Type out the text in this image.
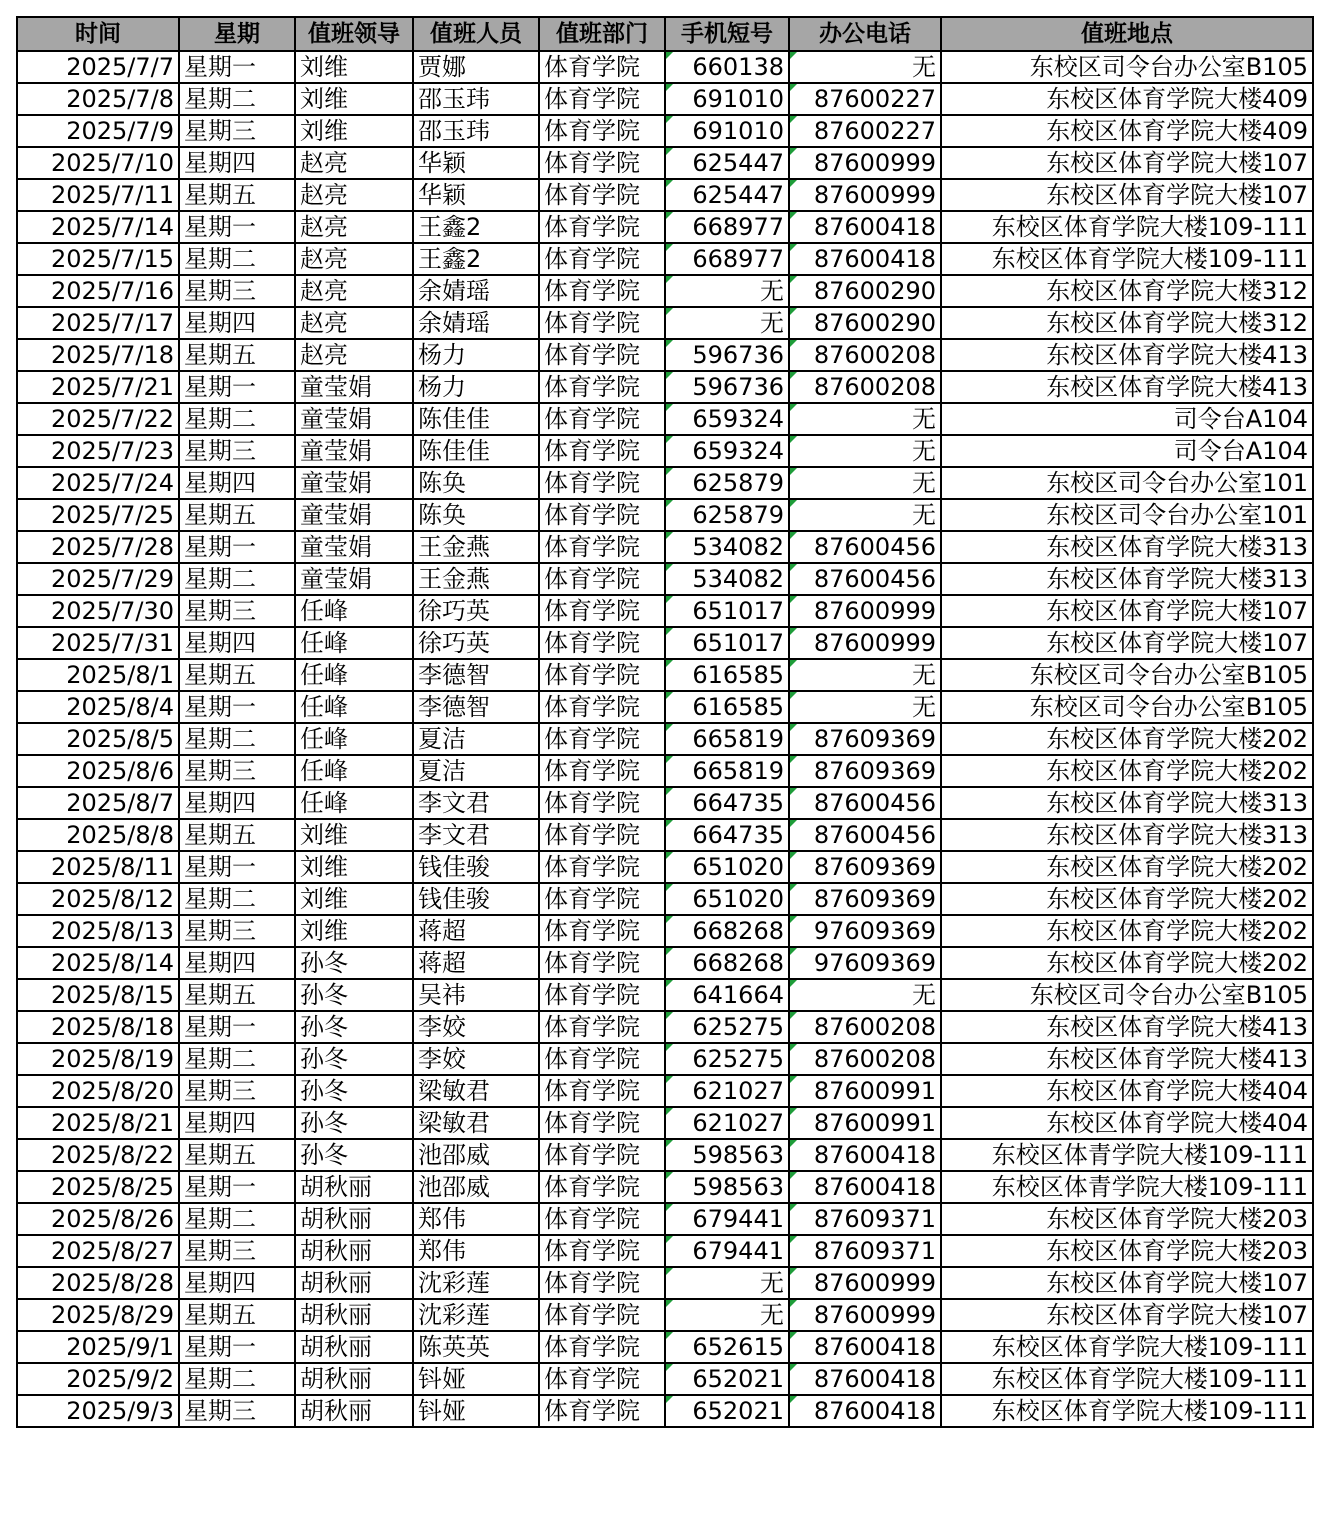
时间	星期	值班领导	值班人员	值班部门	手机短号	办公电话	值班地点
2025/7/7	星期一	刘维	贾娜	体育学院	660138	无	东校区司令台办公室B105
2025/7/8	星期二	刘维	邵玉玮	体育学院	691010	87600227	东校区体育学院大楼409
2025/7/9	星期三	刘维	邵玉玮	体育学院	691010	87600227	东校区体育学院大楼409
2025/7/10	星期四	赵亮	华颖	体育学院	625447	87600999	东校区体育学院大楼107
2025/7/11	星期五	赵亮	华颖	体育学院	625447	87600999	东校区体育学院大楼107
2025/7/14	星期一	赵亮	王鑫2	体育学院	668977	87600418	东校区体育学院大楼109-111
2025/7/15	星期二	赵亮	王鑫2	体育学院	668977	87600418	东校区体育学院大楼109-111
2025/7/16	星期三	赵亮	余婧瑶	体育学院	无	87600290	东校区体育学院大楼312
2025/7/17	星期四	赵亮	余婧瑶	体育学院	无	87600290	东校区体育学院大楼312
2025/7/18	星期五	赵亮	杨力	体育学院	596736	87600208	东校区体育学院大楼413
2025/7/21	星期一	童莹娟	杨力	体育学院	596736	87600208	东校区体育学院大楼413
2025/7/22	星期二	童莹娟	陈佳佳	体育学院	659324	无	司令台A104
2025/7/23	星期三	童莹娟	陈佳佳	体育学院	659324	无	司令台A104
2025/7/24	星期四	童莹娟	陈奂	体育学院	625879	无	东校区司令台办公室101
2025/7/25	星期五	童莹娟	陈奂	体育学院	625879	无	东校区司令台办公室101
2025/7/28	星期一	童莹娟	王金燕	体育学院	534082	87600456	东校区体育学院大楼313
2025/7/29	星期二	童莹娟	王金燕	体育学院	534082	87600456	东校区体育学院大楼313
2025/7/30	星期三	任峰	徐巧英	体育学院	651017	87600999	东校区体育学院大楼107
2025/7/31	星期四	任峰	徐巧英	体育学院	651017	87600999	东校区体育学院大楼107
2025/8/1	星期五	任峰	李德智	体育学院	616585	无	东校区司令台办公室B105
2025/8/4	星期一	任峰	李德智	体育学院	616585	无	东校区司令台办公室B105
2025/8/5	星期二	任峰	夏洁	体育学院	665819	87609369	东校区体育学院大楼202
2025/8/6	星期三	任峰	夏洁	体育学院	665819	87609369	东校区体育学院大楼202
2025/8/7	星期四	任峰	李文君	体育学院	664735	87600456	东校区体育学院大楼313
2025/8/8	星期五	刘维	李文君	体育学院	664735	87600456	东校区体育学院大楼313
2025/8/11	星期一	刘维	钱佳骏	体育学院	651020	87609369	东校区体育学院大楼202
2025/8/12	星期二	刘维	钱佳骏	体育学院	651020	87609369	东校区体育学院大楼202
2025/8/13	星期三	刘维	蒋超	体育学院	668268	97609369	东校区体育学院大楼202
2025/8/14	星期四	孙冬	蒋超	体育学院	668268	97609369	东校区体育学院大楼202
2025/8/15	星期五	孙冬	吴祎	体育学院	641664	无	东校区司令台办公室B105
2025/8/18	星期一	孙冬	李姣	体育学院	625275	87600208	东校区体育学院大楼413
2025/8/19	星期二	孙冬	李姣	体育学院	625275	87600208	东校区体育学院大楼413
2025/8/20	星期三	孙冬	梁敏君	体育学院	621027	87600991	东校区体育学院大楼404
2025/8/21	星期四	孙冬	梁敏君	体育学院	621027	87600991	东校区体育学院大楼404
2025/8/22	星期五	孙冬	池邵威	体育学院	598563	87600418	东校区体青学院大楼109-111
2025/8/25	星期一	胡秋丽	池邵威	体育学院	598563	87600418	东校区体青学院大楼109-111
2025/8/26	星期二	胡秋丽	郑伟	体育学院	679441	87609371	东校区体育学院大楼203
2025/8/27	星期三	胡秋丽	郑伟	体育学院	679441	87609371	东校区体育学院大楼203
2025/8/28	星期四	胡秋丽	沈彩莲	体育学院	无	87600999	东校区体育学院大楼107
2025/8/29	星期五	胡秋丽	沈彩莲	体育学院	无	87600999	东校区体育学院大楼107
2025/9/1	星期一	胡秋丽	陈英英	体育学院	652615	87600418	东校区体育学院大楼109-111
2025/9/2	星期二	胡秋丽	钭娅	体育学院	652021	87600418	东校区体育学院大楼109-111
2025/9/3	星期三	胡秋丽	钭娅	体育学院	652021	87600418	东校区体育学院大楼109-111
